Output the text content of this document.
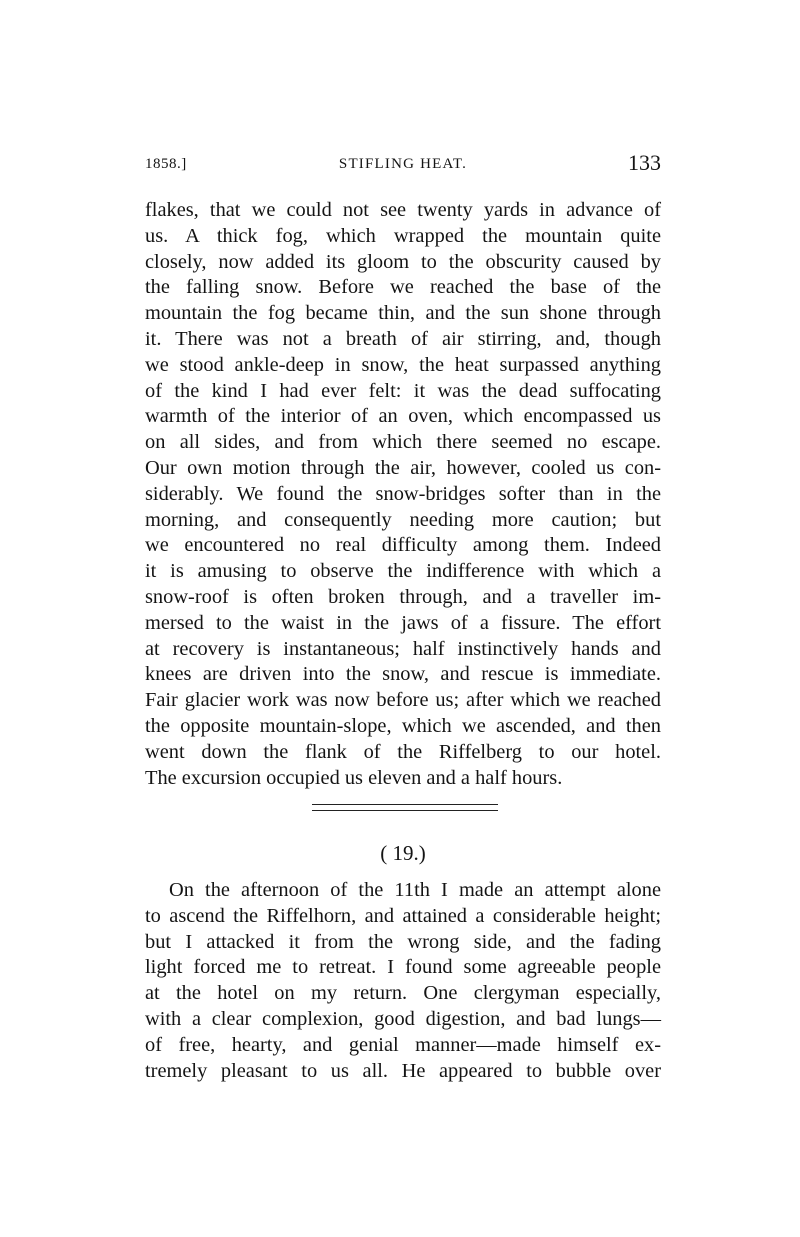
1858.]	STIFLING HEAT.	133
flakes, that we could not see twenty yards in advance of
us. A thick fog, which wrapped the mountain quite
closely, now added its gloom to the obscurity caused by
the falling snow. Before we reached the base of the
mountain the fog became thin, and the sun shone through
it. There was not a breath of air stirring, and, though
we stood ankle-deep in snow, the heat surpassed anything
of the kind I had ever felt: it was the dead suffocating
warmth of the interior of an oven, which encompassed us
on all sides, and from which there seemed no escape.
Our own motion through the air, however, cooled us con-
siderably. We found the snow-bridges softer than in the
morning, and consequently needing more caution; but
we encountered no real difficulty among them. Indeed
it is amusing to observe the indifference with which a
snow-roof is often broken through, and a traveller im-
mersed to the waist in the jaws of a fissure. The effort
at recovery is instantaneous; half instinctively hands and
knees are driven into the snow, and rescue is immediate.
Fair glacier work was now before us; after which we reached
the opposite mountain-slope, which we ascended, and then
went down the flank of the Riffelberg to our hotel.
The excursion occupied us eleven and a half hours.
( 19.)
On the afternoon of the 11th I made an attempt alone
to ascend the Riffelhorn, and attained a considerable height;
but I attacked it from the wrong side, and the fading
light forced me to retreat. I found some agreeable people
at the hotel on my return. One clergyman especially,
with a clear complexion, good digestion, and bad lungs—
of free, hearty, and genial manner—made himself ex-
tremely pleasant to us all. He appeared to bubble over
